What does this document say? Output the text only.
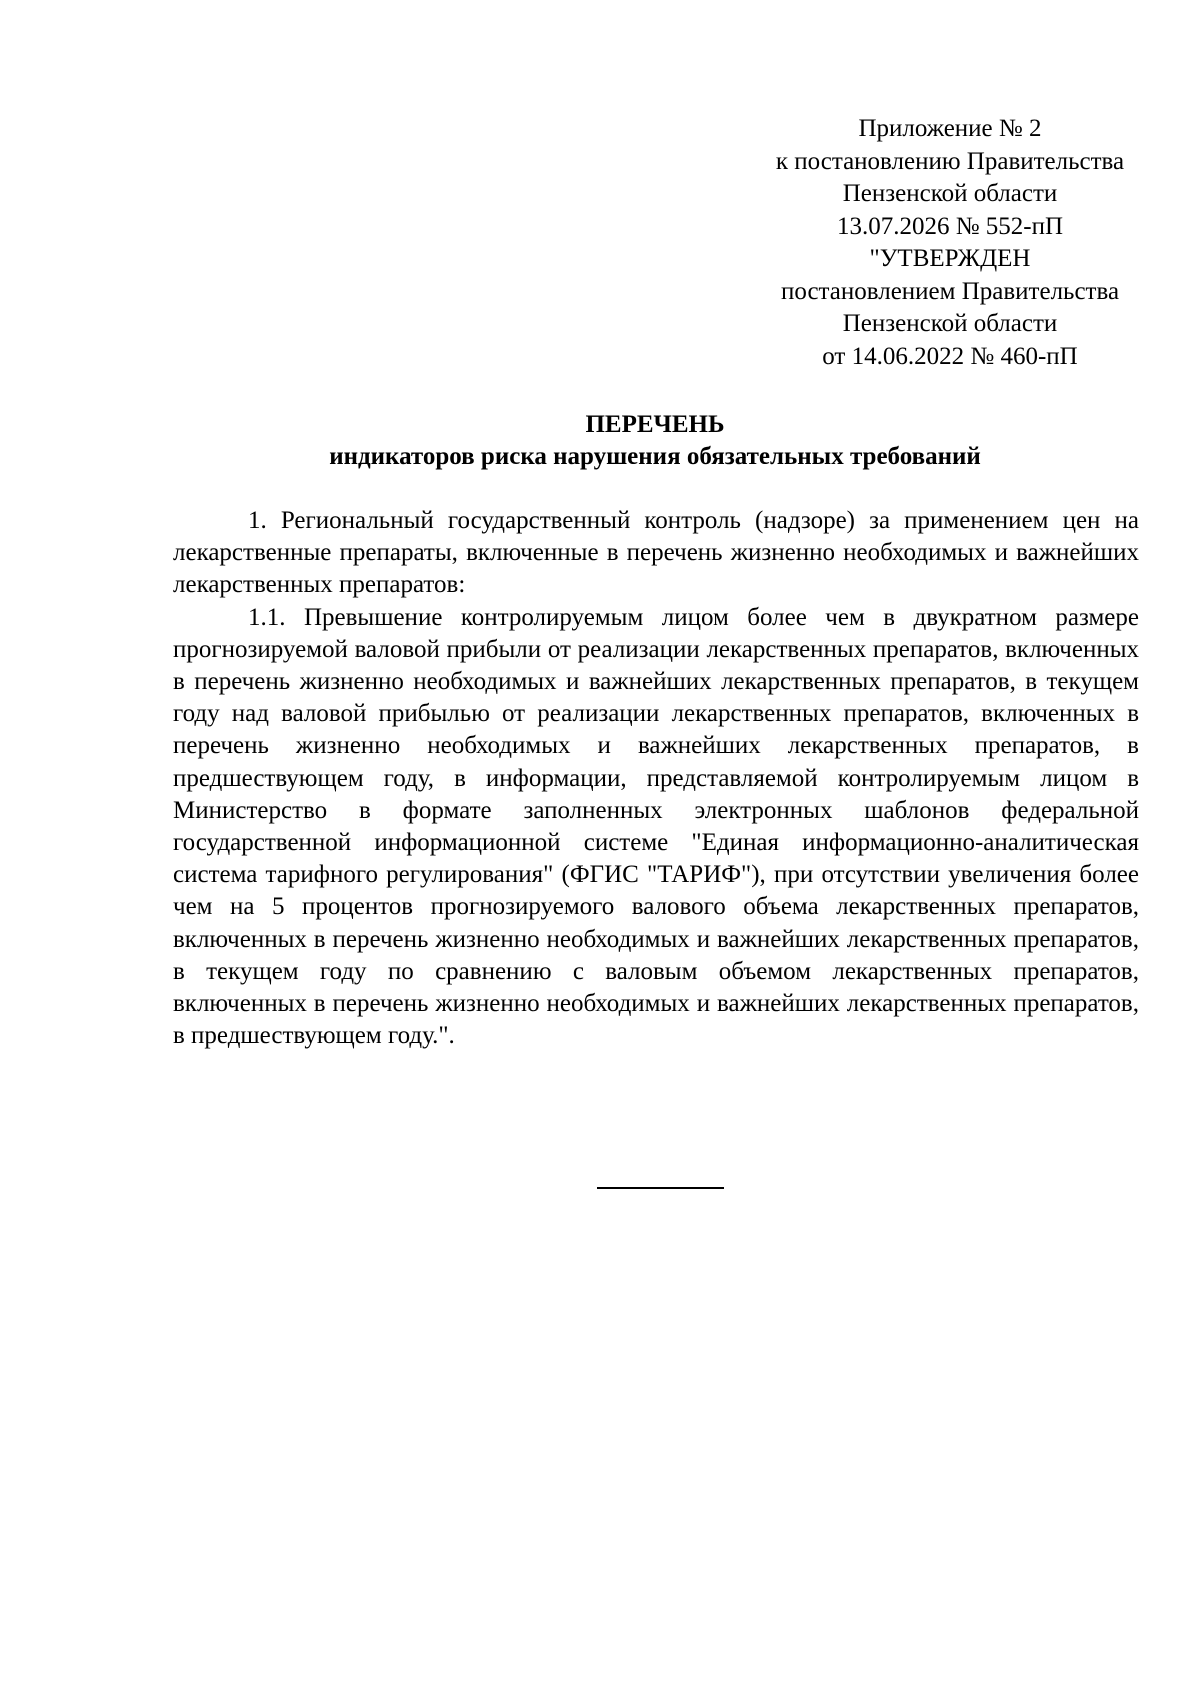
Приложение № 2
к постановлению Правительства
Пензенской области
13.07.2026 № 552-пП
"УТВЕРЖДЕН
постановлением Правительства
Пензенской области
от 14.06.2022 № 460-пП
ПЕРЕЧЕНЬ
индикаторов риска нарушения обязательных требований

1. Региональный государственный контроль (надзоре) за применением цен на лекарственные препараты, включенные в перечень жизненно необходимых и важнейших лекарственных препаратов:

1.1. Превышение контролируемым лицом более чем в двукратном размере прогнозируемой валовой прибыли от реализации лекарственных препаратов, включенных в перечень жизненно необходимых и важнейших лекарственных препаратов, в текущем году над валовой прибылью от реализации лекарственных препаратов, включенных в перечень жизненно необходимых и важнейших лекарственных препаратов, в предшествующем году, в информации, представляемой контролируемым лицом в Министерство в формате заполненных электронных шаблонов федеральной государственной информационной системе "Единая информационно-аналитическая система тарифного регулирования" (ФГИС "ТАРИФ"), при отсутствии увеличения более чем на 5 процентов прогнозируемого валового объема лекарственных препаратов, включенных в перечень жизненно необходимых и важнейших лекарственных препаратов, в текущем году по сравнению с валовым объемом лекарственных препаратов, включенных в перечень жизненно необходимых и важнейших лекарственных препаратов, в предшествующем году.".
